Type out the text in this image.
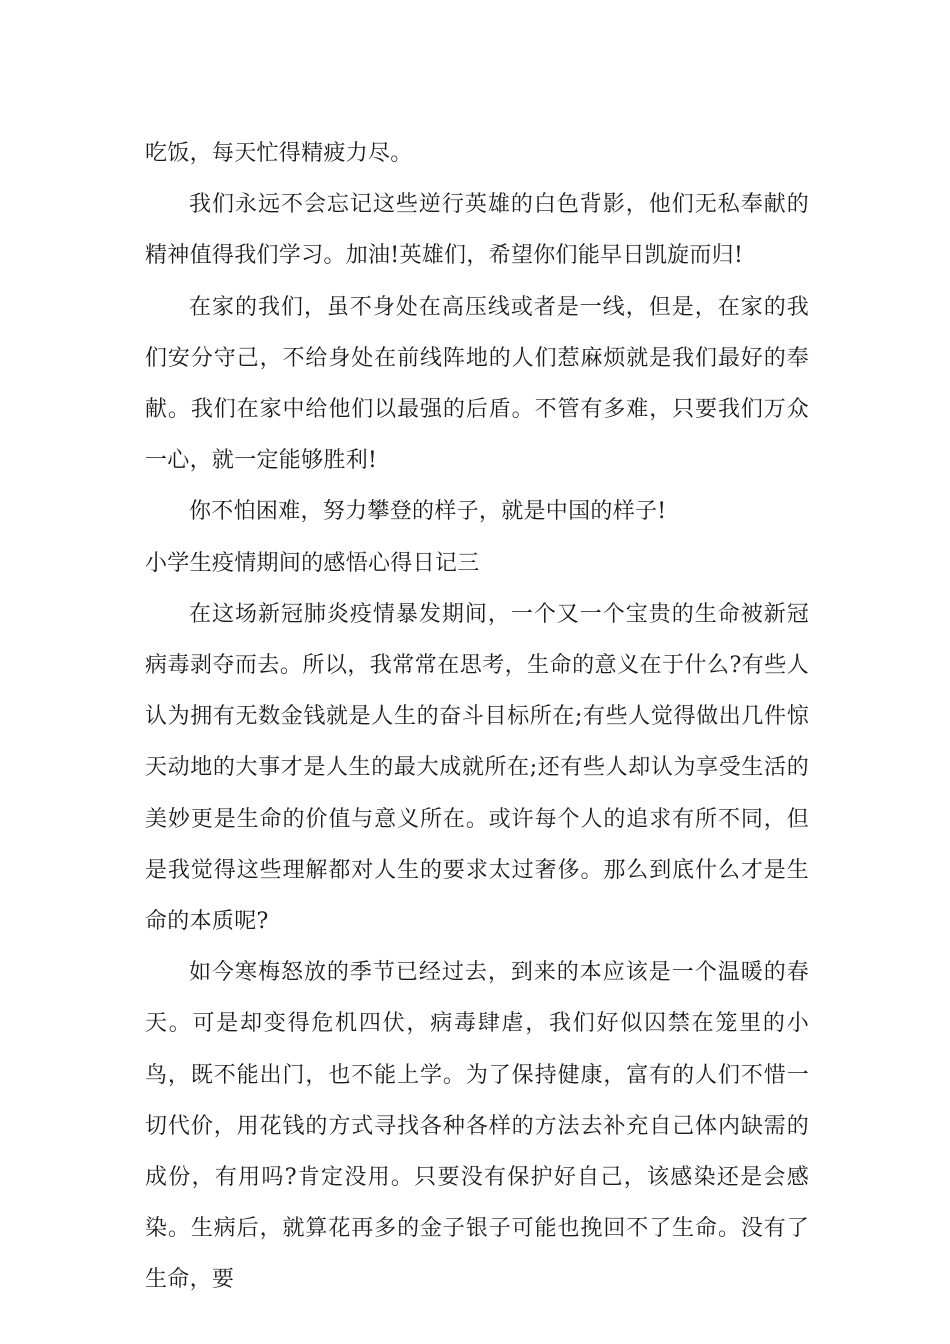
吃饭，每天忙得精疲力尽。

我们永远不会忘记这些逆行英雄的白色背影，他们无私奉献的精神值得我们学习。加油!英雄们，希望你们能早日凯旋而归!

在家的我们，虽不身处在高压线或者是一线，但是，在家的我们安分守己，不给身处在前线阵地的人们惹麻烦就是我们最好的奉献。我们在家中给他们以最强的后盾。不管有多难，只要我们万众一心，就一定能够胜利!

你不怕困难，努力攀登的样子，就是中国的样子!

小学生疫情期间的感悟心得日记三

在这场新冠肺炎疫情暴发期间，一个又一个宝贵的生命被新冠病毒剥夺而去。所以，我常常在思考，生命的意义在于什么?有些人认为拥有无数金钱就是人生的奋斗目标所在;有些人觉得做出几件惊天动地的大事才是人生的最大成就所在;还有些人却认为享受生活的美妙更是生命的价值与意义所在。或许每个人的追求有所不同，但是我觉得这些理解都对人生的要求太过奢侈。那么到底什么才是生命的本质呢?

如今寒梅怒放的季节已经过去，到来的本应该是一个温暖的春天。可是却变得危机四伏，病毒肆虐，我们好似囚禁在笼里的小鸟，既不能出门，也不能上学。为了保持健康，富有的人们不惜一切代价，用花钱的方式寻找各种各样的方法去补充自己体内缺需的成份，有用吗?肯定没用。只要没有保护好自己，该感染还是会感染。生病后，就算花再多的金子银子可能也挽回不了生命。没有了生命，要
